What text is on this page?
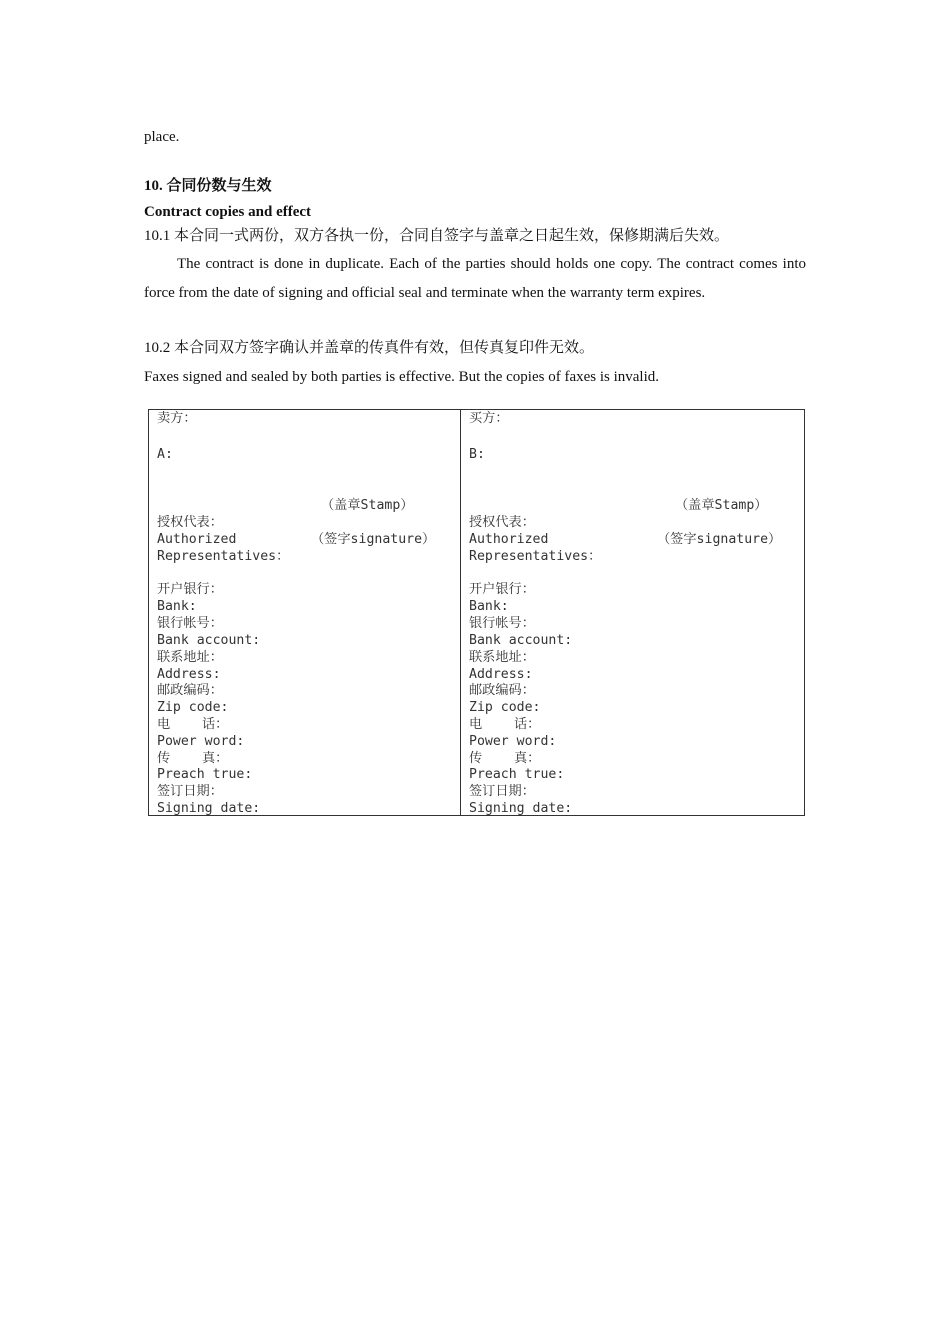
place.
10. 合同份数与生效
Contract copies and effect
10.1 本合同一式两份，双方各执一份，合同自签字与盖章之日起生效，保修期满后失效。
The contract is done in duplicate. Each of the parties should holds one copy. The contract comes into force from the date of signing and official seal and terminate when the warranty term expires.
10.2 本合同双方签字确认并盖章的传真件有效，但传真复印件无效。
Faxes signed and sealed by both parties is effective. But the copies of faxes is invalid.
卖方：
A:
（盖章Stamp）
授权代表：
Authorized	（签字signature）
Representatives：
开户银行：
Bank:
银行帐号：
Bank account:
联系地址：
Address:
邮政编码：
Zip code:
电    话：
Power word:
传    真：
Preach true:
签订日期：
Signing date:

买方：
B:
（盖章Stamp）
授权代表：
Authorized	（签字signature）
Representatives：
开户银行：
Bank:
银行帐号：
Bank account:
联系地址：
Address:
邮政编码：
Zip code:
电    话：
Power word:
传    真：
Preach true:
签订日期：
Signing date:
